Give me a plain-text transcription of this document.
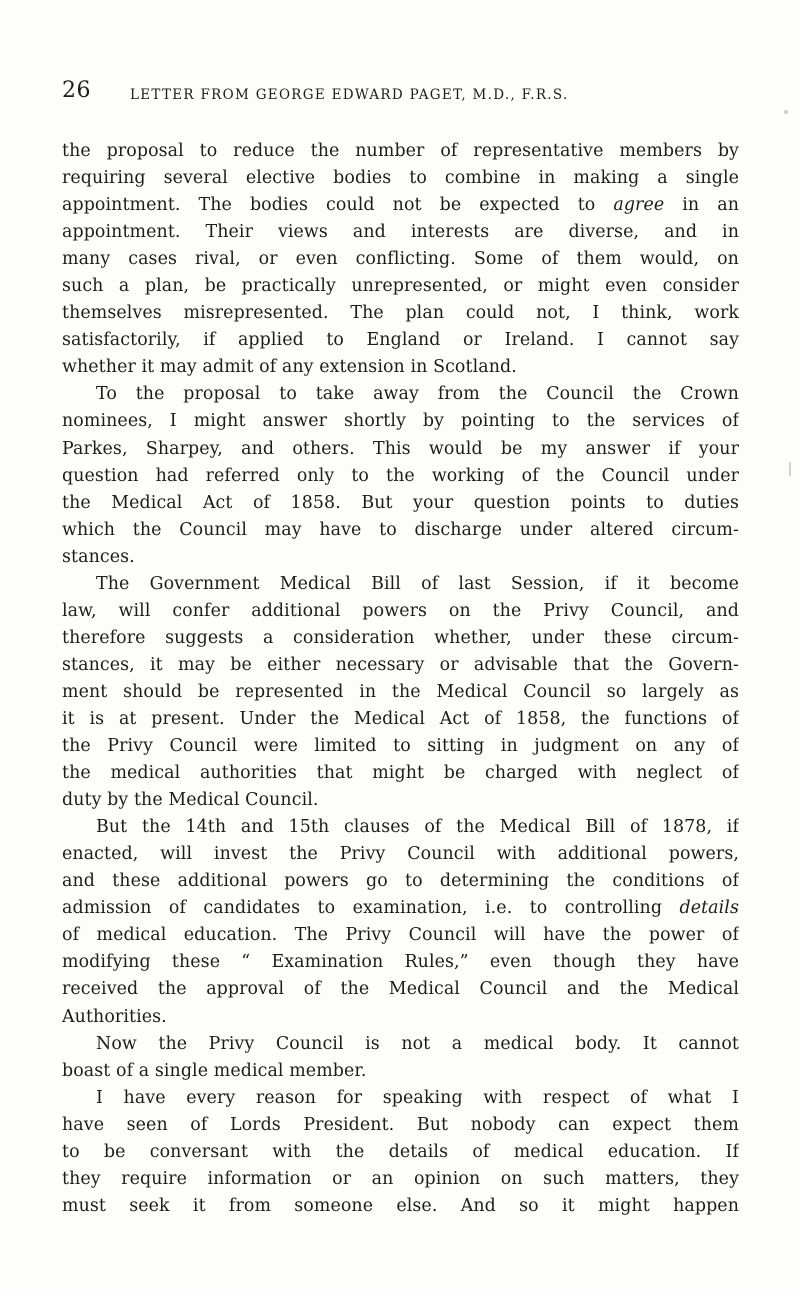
26	LETTER FROM GEORGE EDWARD PAGET, M.D., F.R.S.
the proposal to reduce the number of representative members by
requiring several elective bodies to combine in making a single
appointment. The bodies could not be expected to agree in an
appointment. Their views and interests are diverse, and in
many cases rival, or even conflicting. Some of them would, on
such a plan, be practically unrepresented, or might even consider
themselves misrepresented. The plan could not, I think, work
satisfactorily, if applied to England or Ireland. I cannot say
whether it may admit of any extension in Scotland.
To the proposal to take away from the Council the Crown
nominees, I might answer shortly by pointing to the services of
Parkes, Sharpey, and others. This would be my answer if your
question had referred only to the working of the Council under
the Medical Act of 1858. But your question points to duties
which the Council may have to discharge under altered circum-
stances.
The Government Medical Bill of last Session, if it become
law, will confer additional powers on the Privy Council, and
therefore suggests a consideration whether, under these circum-
stances, it may be either necessary or advisable that the Govern-
ment should be represented in the Medical Council so largely as
it is at present. Under the Medical Act of 1858, the functions of
the Privy Council were limited to sitting in judgment on any of
the medical authorities that might be charged with neglect of
duty by the Medical Council.
But the 14th and 15th clauses of the Medical Bill of 1878, if
enacted, will invest the Privy Council with additional powers,
and these additional powers go to determining the conditions of
admission of candidates to examination, i.e. to controlling details
of medical education. The Privy Council will have the power of
modifying these “ Examination Rules,” even though they have
received the approval of the Medical Council and the Medical
Authorities.
Now the Privy Council is not a medical body. It cannot
boast of a single medical member.
I have every reason for speaking with respect of what I
have seen of Lords President. But nobody can expect them
to be conversant with the details of medical education. If
they require information or an opinion on such matters, they
must seek it from someone else. And so it might happen
